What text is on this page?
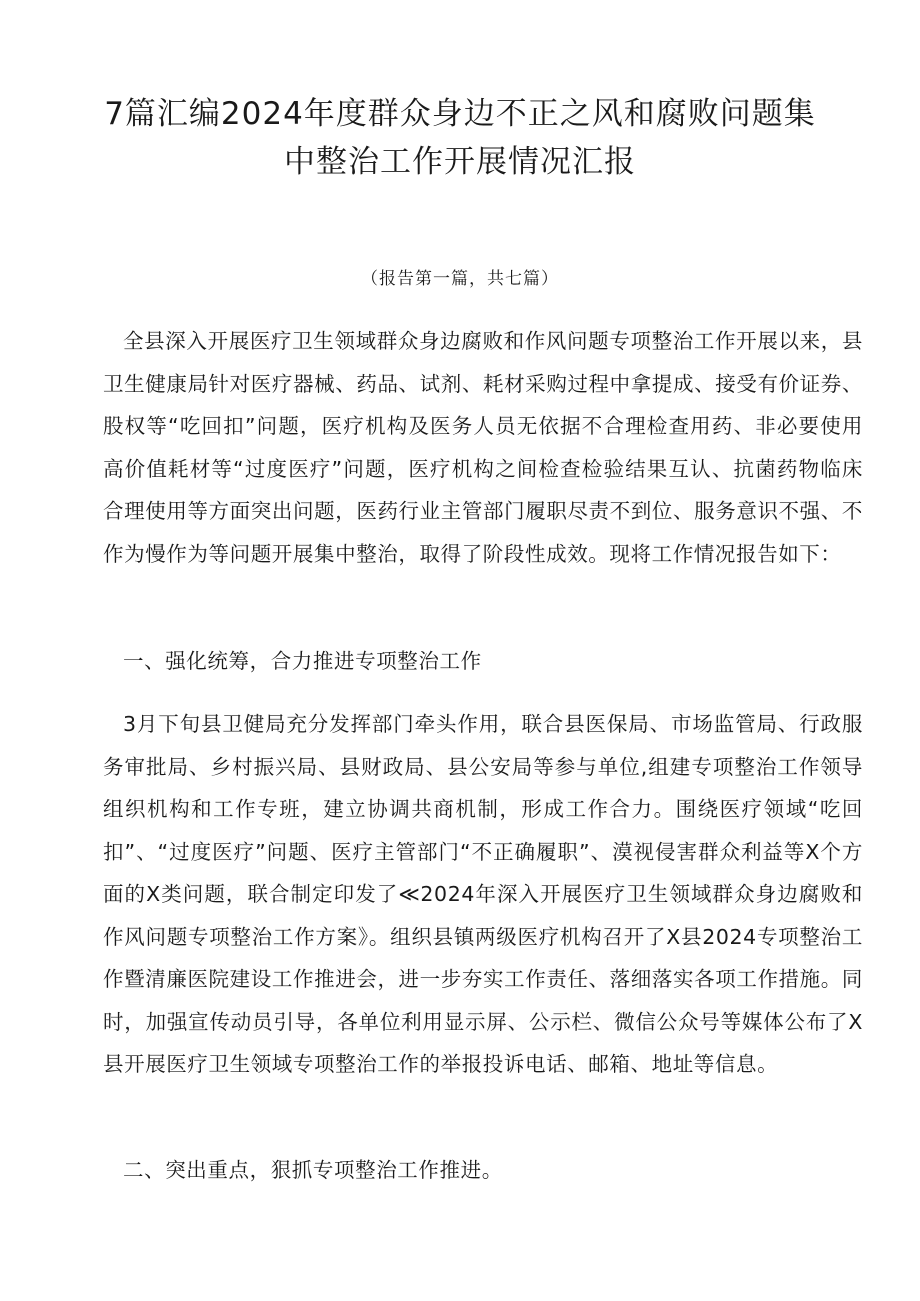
7篇汇编2024年度群众身边不正之风和腐败问题集
中整治工作开展情况汇报
（报告第一篇，共七篇）

全县深入开展医疗卫生领域群众身边腐败和作风问题专项整治工作开展以来，县卫生健康局针对医疗器械、药品、试剂、耗材采购过程中拿提成、接受有价证券、股权等“吃回扣”问题，医疗机构及医务人员无依据不合理检查用药、非必要使用高价值耗材等“过度医疗”问题，医疗机构之间检查检验结果互认、抗菌药物临床合理使用等方面突出问题，医药行业主管部门履职尽责不到位、服务意识不强、不作为慢作为等问题开展集中整治，取得了阶段性成效。现将工作情况报告如下：

一、强化统筹，合力推进专项整治工作

3月下旬县卫健局充分发挥部门牵头作用，联合县医保局、市场监管局、行政服务审批局、乡村振兴局、县财政局、县公安局等参与单位,组建专项整治工作领导组织机构和工作专班，建立协调共商机制，形成工作合力。围绕医疗领域“吃回扣”、“过度医疗”问题、医疗主管部门“不正确履职”、漠视侵害群众利益等X个方面的X类问题，联合制定印发了≪2024年深入开展医疗卫生领域群众身边腐败和作风问题专项整治工作方案》。组织县镇两级医疗机构召开了X县2024专项整治工作暨清廉医院建设工作推进会，进一步夯实工作责任、落细落实各项工作措施。同时，加强宣传动员引导，各单位利用显示屏、公示栏、微信公众号等媒体公布了X县开展医疗卫生领域专项整治工作的举报投诉电话、邮箱、地址等信息。

二、突出重点，狠抓专项整治工作推进。
